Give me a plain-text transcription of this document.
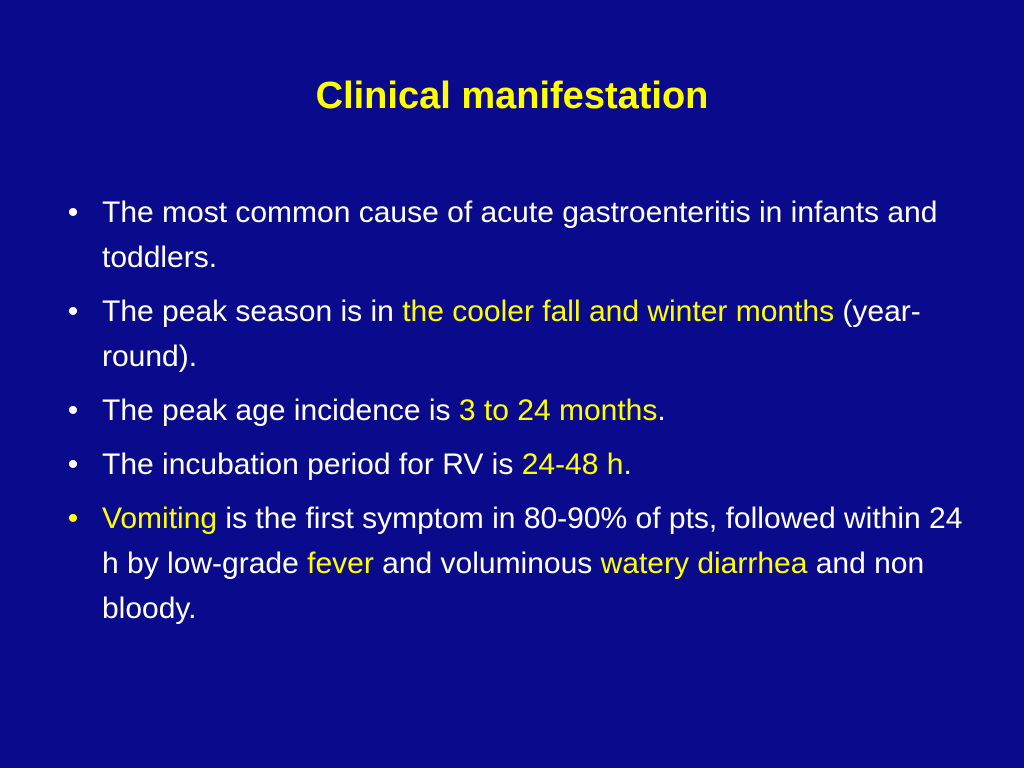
Clinical manifestation
• The most common cause of acute gastroenteritis in infants and toddlers.
• The peak season is in the cooler fall and winter months (year-round).
• The peak age incidence is 3 to 24 months.
• The incubation period for RV is 24-48 h.
• Vomiting is the first symptom in 80-90% of pts, followed within 24 h by low-grade fever and voluminous watery diarrhea and non bloody.
